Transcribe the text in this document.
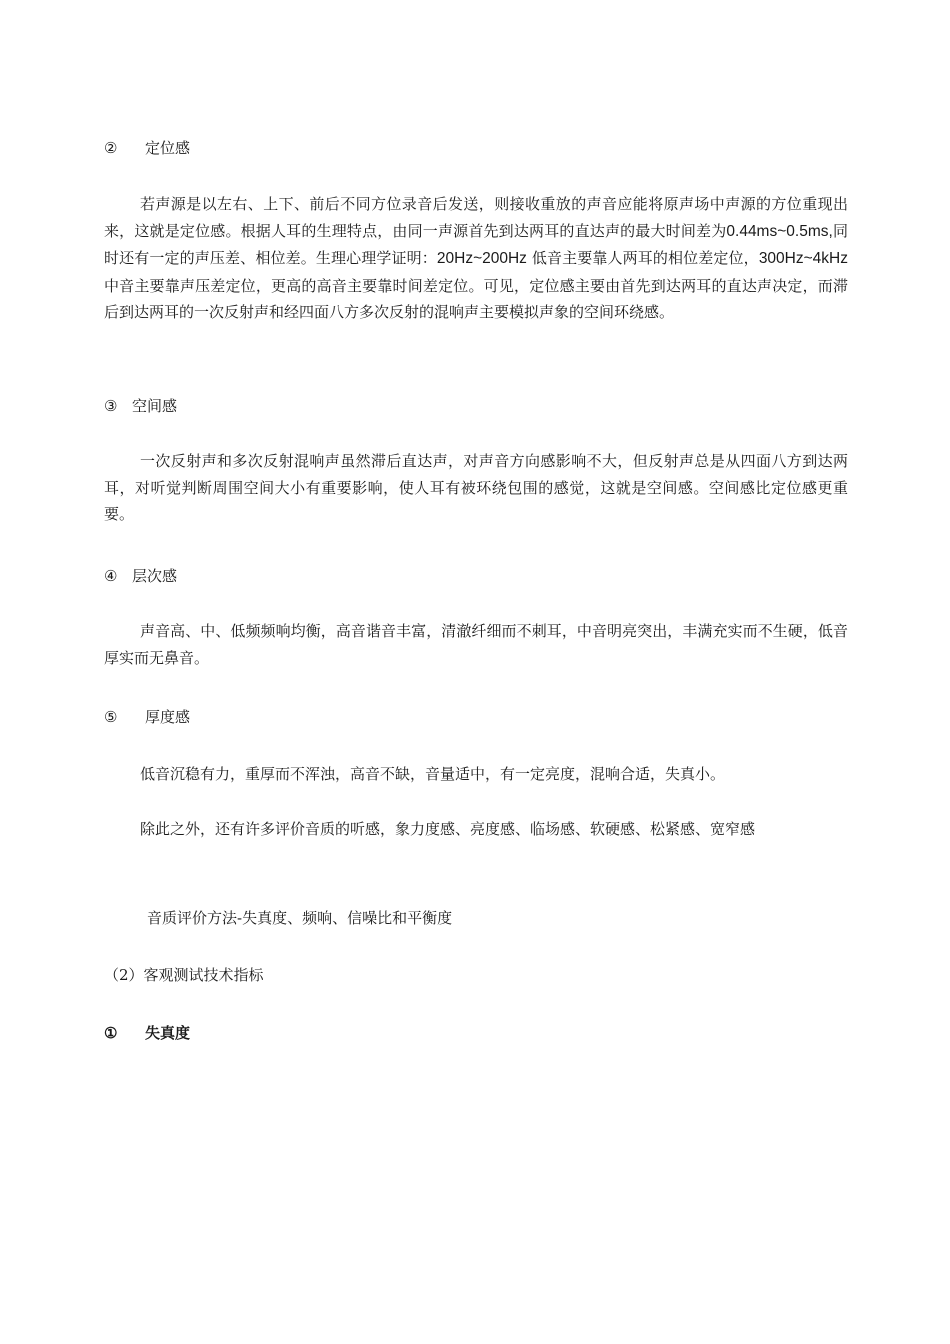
② 定位感
若声源是以左右、上下、前后不同方位录音后发送，则接收重放的声音应能将原声场中声源的方位重现出来，这就是定位感。根据人耳的生理特点，由同一声源首先到达两耳的直达声的最大时间差为0.44ms~0.5ms,同时还有一定的声压差、相位差。生理心理学证明：20Hz~200Hz 低音主要靠人两耳的相位差定位，300Hz~4kHz 中音主要靠声压差定位，更高的高音主要靠时间差定位。可见，定位感主要由首先到达两耳的直达声决定，而滞后到达两耳的一次反射声和经四面八方多次反射的混响声主要模拟声象的空间环绕感。
③ 空间感
一次反射声和多次反射混响声虽然滞后直达声，对声音方向感影响不大，但反射声总是从四面八方到达两耳，对听觉判断周围空间大小有重要影响，使人耳有被环绕包围的感觉，这就是空间感。空间感比定位感更重要。
④ 层次感
声音高、中、低频频响均衡，高音谐音丰富，清澈纤细而不刺耳，中音明亮突出，丰满充实而不生硬，低音厚实而无鼻音。
⑤ 厚度感
低音沉稳有力，重厚而不浑浊，高音不缺，音量适中，有一定亮度，混响合适，失真小。
除此之外，还有许多评价音质的听感，象力度感、亮度感、临场感、软硬感、松紧感、宽窄感
音质评价方法-失真度、频响、信噪比和平衡度
（2）客观测试技术指标
① 失真度
